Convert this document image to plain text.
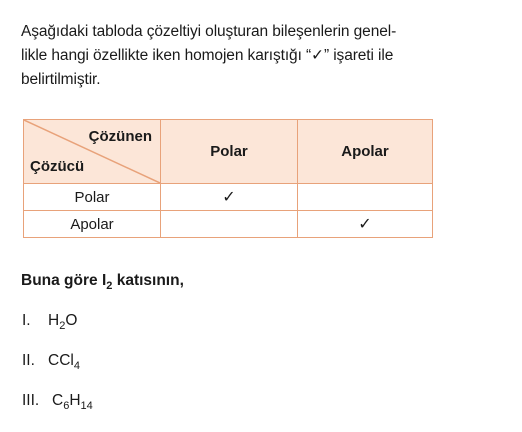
Aşağıdaki tabloda çözeltiyi oluşturan bileşenlerin genel-
likle hangi özellikte iken homojen karıştığı “✓” işareti ile
belirtilmiştir.
Çözünen
Çözücü	Polar	Apolar
Polar	✓	
Apolar		✓
Buna göre $I_2$ katısının,
I. $H_2O$
II. CCl$_4$
III. $C_6H_{14}$
